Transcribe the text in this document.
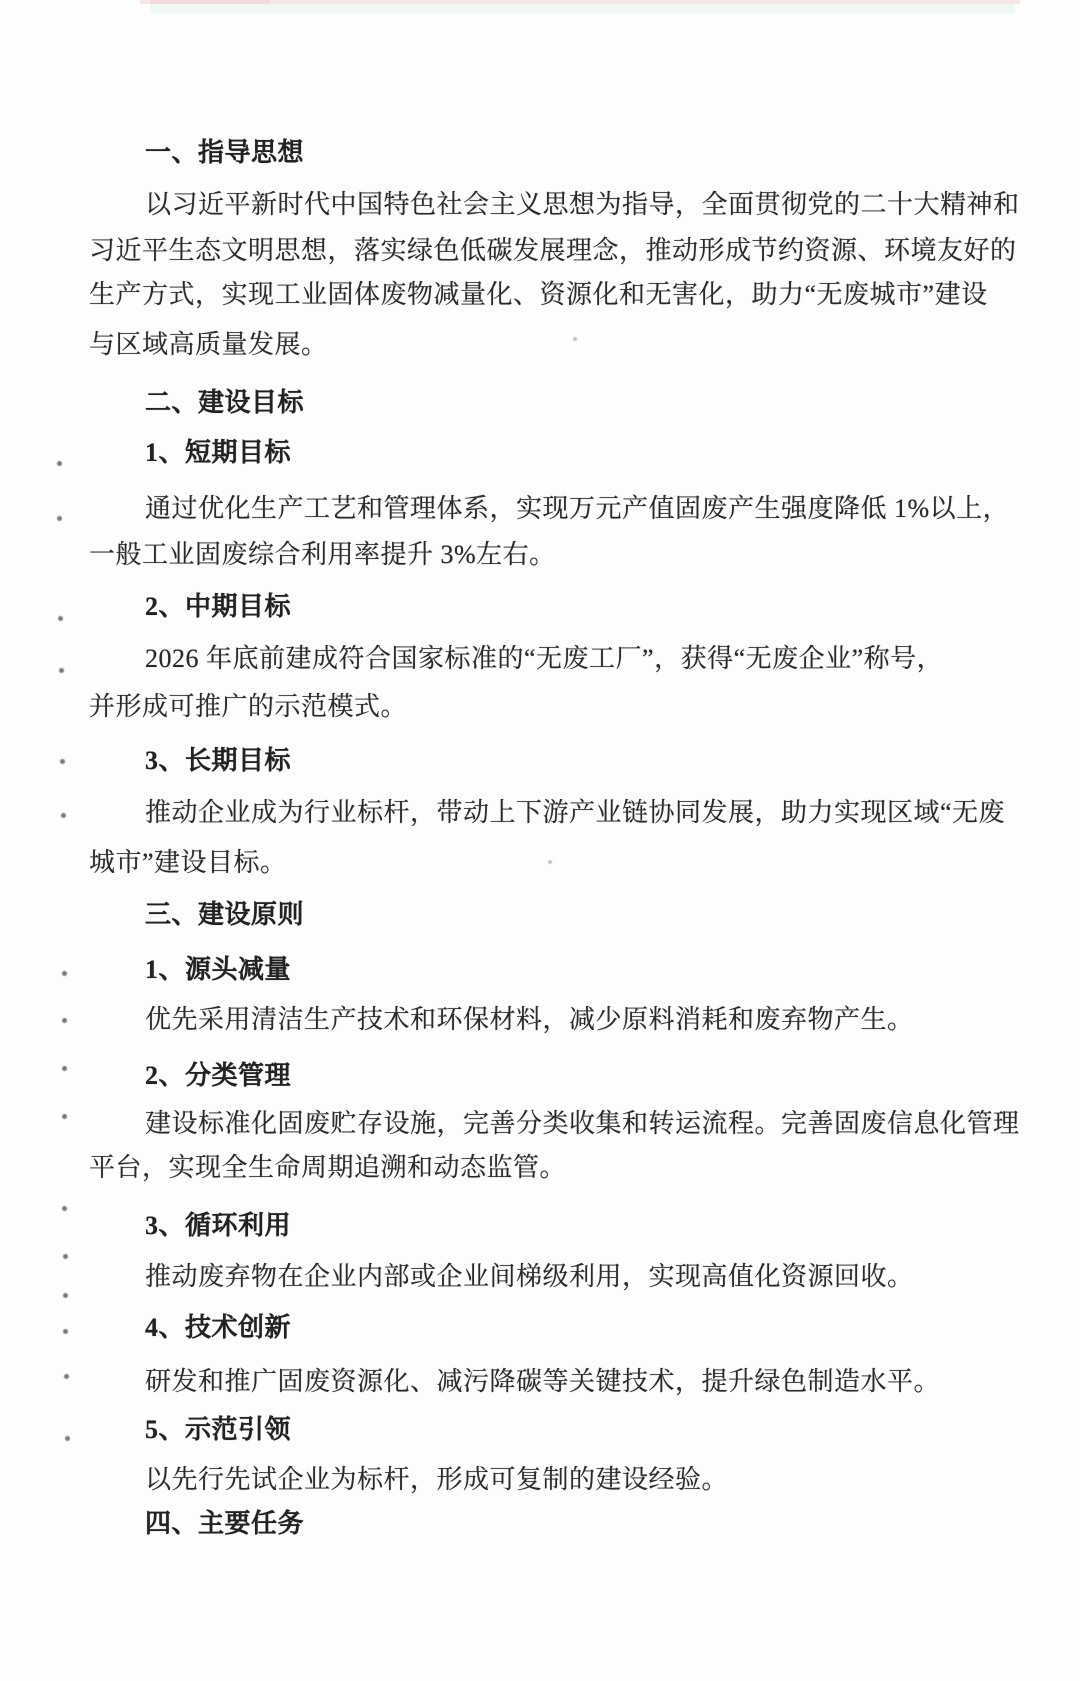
一、指导思想
以习近平新时代中国特色社会主义思想为指导，全面贯彻党的二十大精神和
习近平生态文明思想，落实绿色低碳发展理念，推动形成节约资源、环境友好的
生产方式，实现工业固体废物减量化、资源化和无害化，助力“无废城市”建设
与区域高质量发展。
二、建设目标
1、短期目标
通过优化生产工艺和管理体系，实现万元产值固废产生强度降低 1%以上，
一般工业固废综合利用率提升 3%左右。
2、中期目标
2026 年底前建成符合国家标准的“无废工厂”，获得“无废企业”称号，
并形成可推广的示范模式。
3、长期目标
推动企业成为行业标杆，带动上下游产业链协同发展，助力实现区域“无废
城市”建设目标。
三、建设原则
1、源头减量
优先采用清洁生产技术和环保材料，减少原料消耗和废弃物产生。
2、分类管理
建设标准化固废贮存设施，完善分类收集和转运流程。完善固废信息化管理
平台，实现全生命周期追溯和动态监管。
3、循环利用
推动废弃物在企业内部或企业间梯级利用，实现高值化资源回收。
4、技术创新
研发和推广固废资源化、减污降碳等关键技术，提升绿色制造水平。
5、示范引领
以先行先试企业为标杆，形成可复制的建设经验。
四、主要任务
